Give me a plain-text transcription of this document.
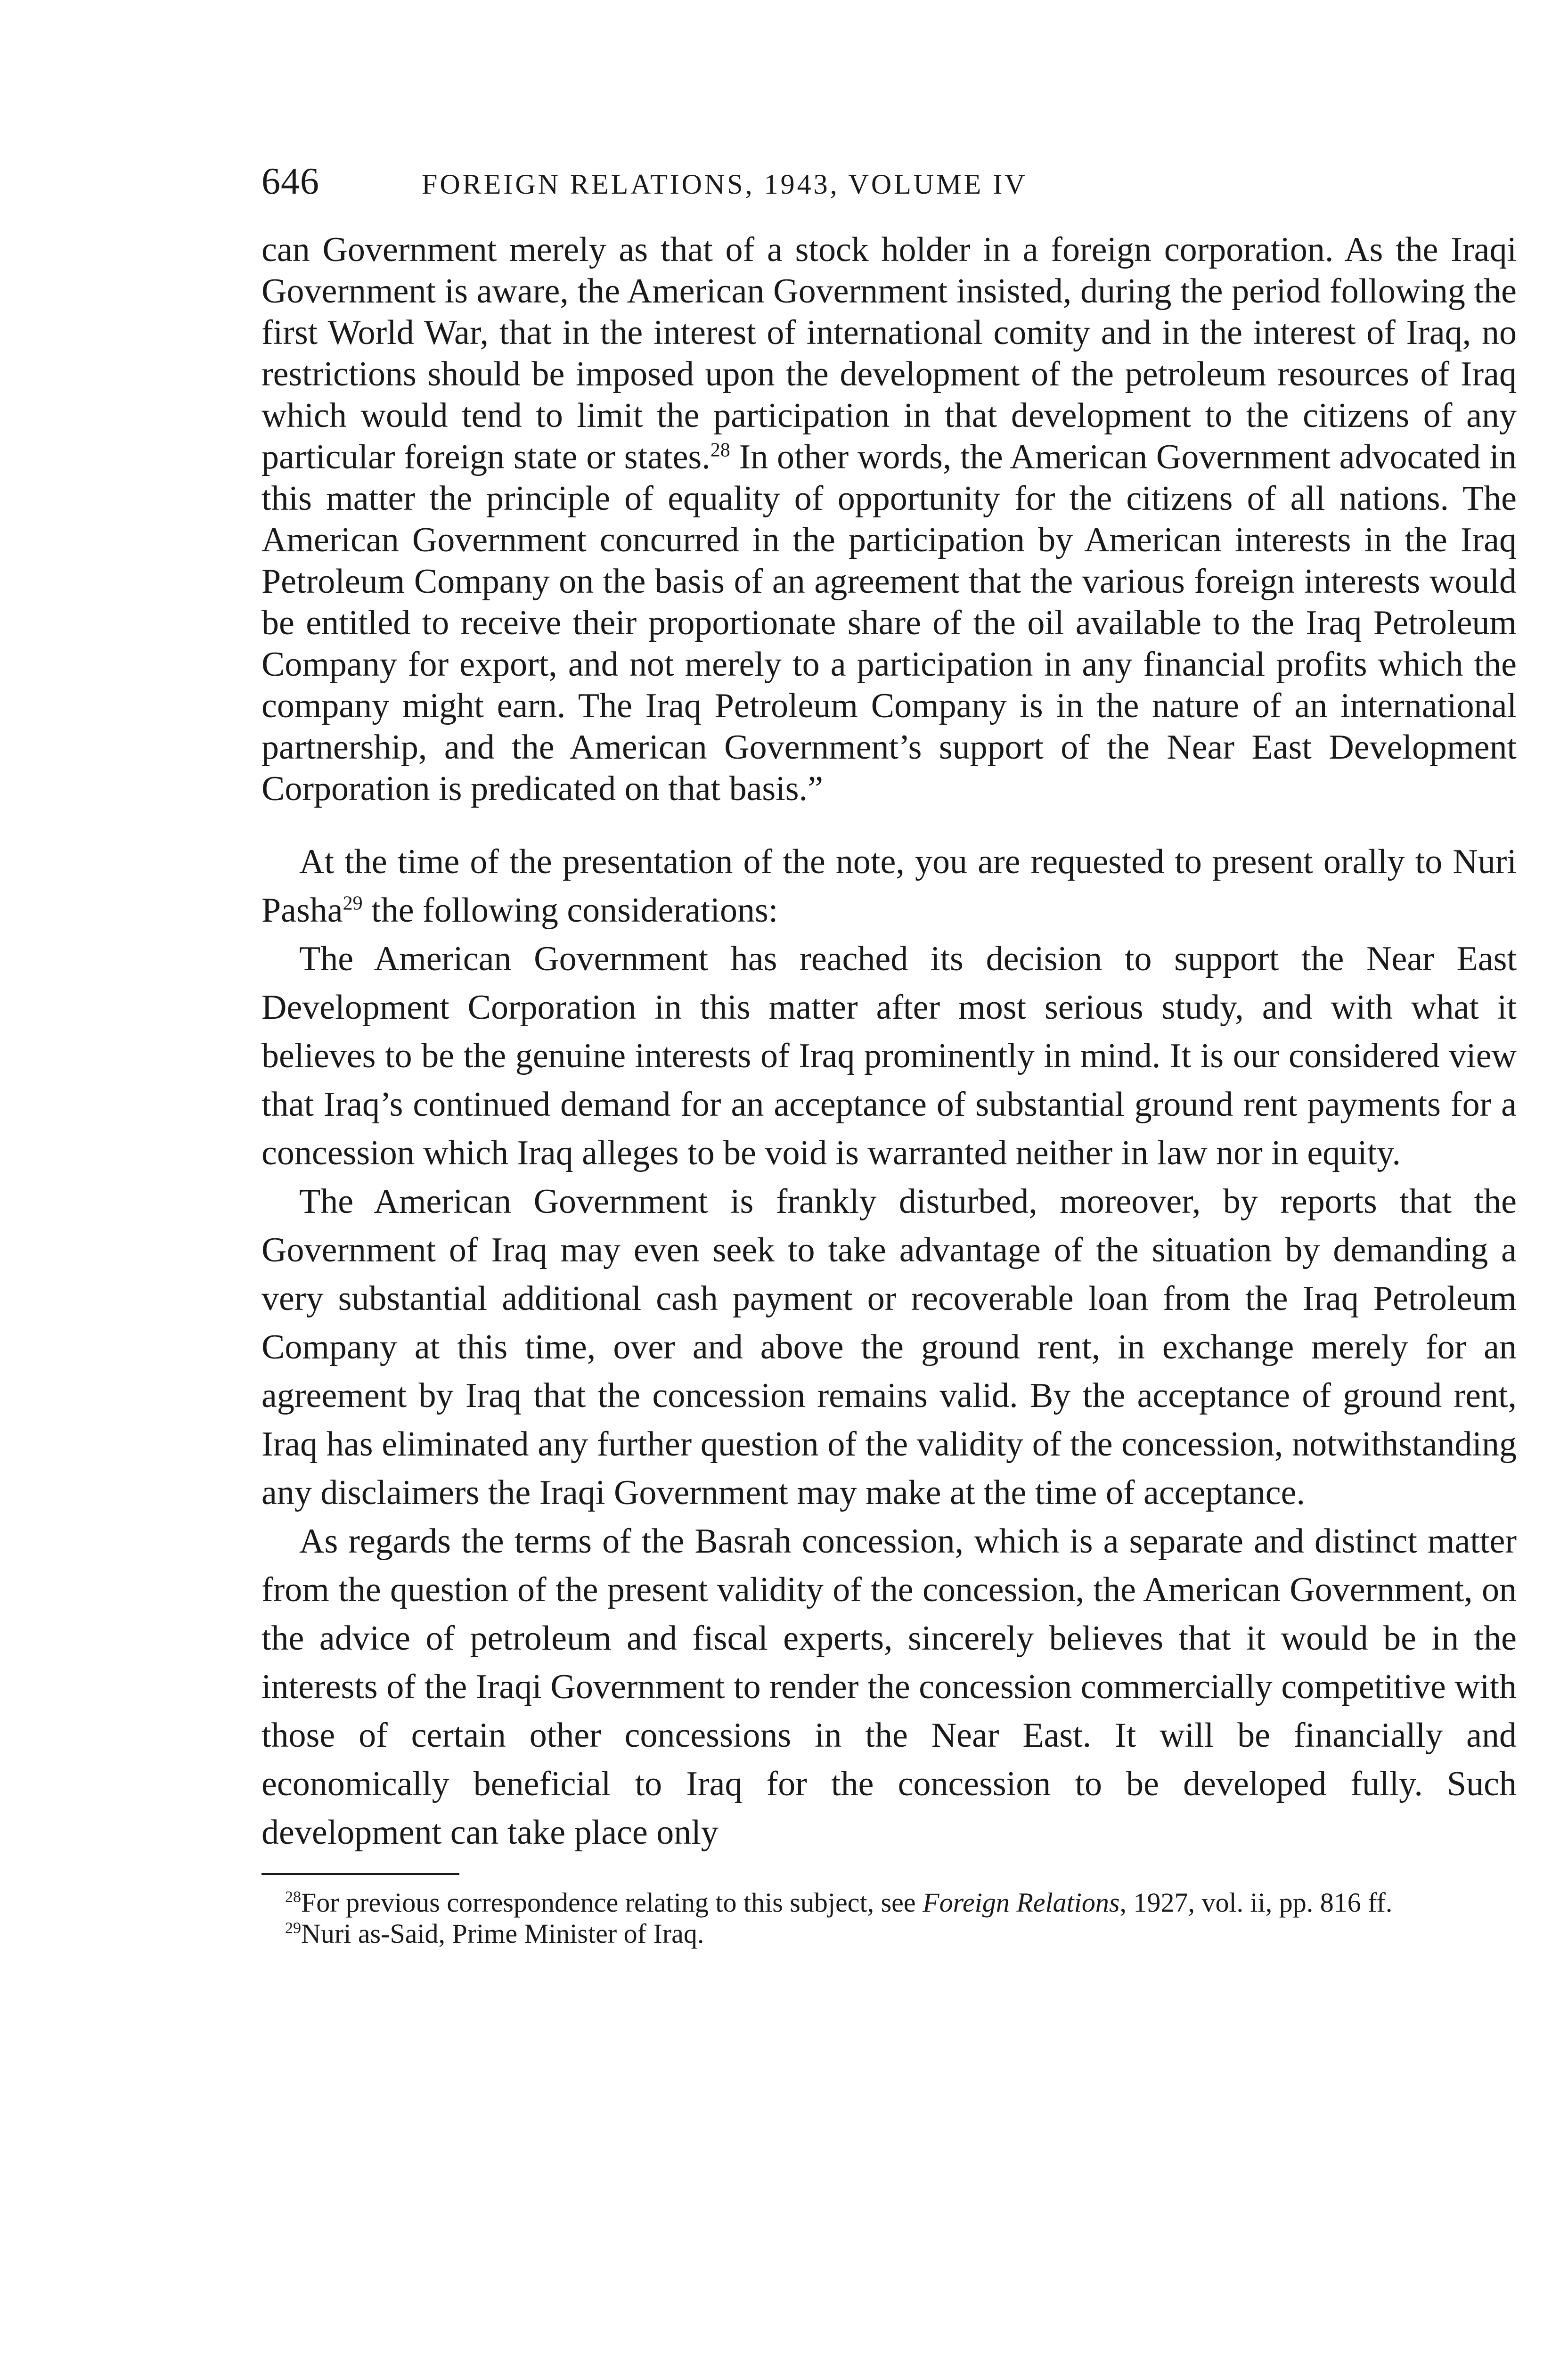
646	FOREIGN RELATIONS, 1943, VOLUME IV

can Government merely as that of a stock holder in a foreign corporation. As the Iraqi Government is aware, the American Government insisted, during the period following the first World War, that in the interest of international comity and in the interest of Iraq, no restrictions should be imposed upon the development of the petroleum resources of Iraq which would tend to limit the participation in that development to the citizens of any particular foreign state or states.$^{28}$ In other words, the American Government advocated in this matter the principle of equality of opportunity for the citizens of all nations. The American Government concurred in the participation by American interests in the Iraq Petroleum Company on the basis of an agreement that the various foreign interests would be entitled to receive their proportionate share of the oil available to the Iraq Petroleum Company for export, and not merely to a participation in any financial profits which the company might earn. The Iraq Petroleum Company is in the nature of an international partnership, and the American Government’s support of the Near East Development Corporation is predicated on that basis.”

At the time of the presentation of the note, you are requested to present orally to Nuri Pasha$^{29}$ the following considerations:

The American Government has reached its decision to support the Near East Development Corporation in this matter after most serious study, and with what it believes to be the genuine interests of Iraq prominently in mind. It is our considered view that Iraq’s continued demand for an acceptance of substantial ground rent payments for a concession which Iraq alleges to be void is warranted neither in law nor in equity.

The American Government is frankly disturbed, moreover, by reports that the Government of Iraq may even seek to take advantage of the situation by demanding a very substantial additional cash payment or recoverable loan from the Iraq Petroleum Company at this time, over and above the ground rent, in exchange merely for an agreement by Iraq that the concession remains valid. By the acceptance of ground rent, Iraq has eliminated any further question of the validity of the concession, notwithstanding any disclaimers the Iraqi Government may make at the time of acceptance.

As regards the terms of the Basrah concession, which is a separate and distinct matter from the question of the present validity of the concession, the American Government, on the advice of petroleum and fiscal experts, sincerely believes that it would be in the interests of the Iraqi Government to render the concession commercially competitive with those of certain other concessions in the Near East. It will be financially and economically beneficial to Iraq for the concession to be developed fully. Such development can take place only

$^{28}$For previous correspondence relating to this subject, see Foreign Relations, 1927, vol. ii, pp. 816 ff.

$^{29}$Nuri as-Said, Prime Minister of Iraq.
